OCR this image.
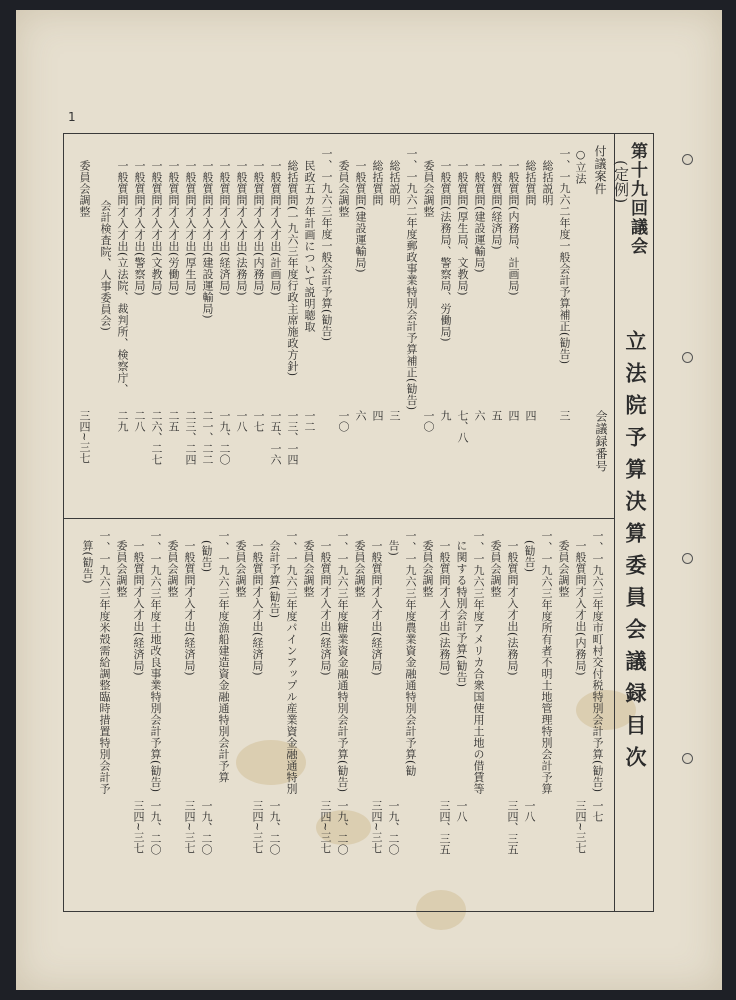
1
第十九回議会
(定例)
立法院予算決算委員会議録目次
会議録番号
付議案件
○立法
一、一九六二年度一般会計予算補正(勧告)
三
総括説明
総括質問
四
一般質問(内務局、計画局)
四
一般質問(経済局)
五
一般質問(建設運輸局)
六
一般質問(厚生局、文教局)
七、八
一般質問(法務局、警察局、労働局)
九
委員会調整
一〇
一、一九六二年度郵政事業特別会計予算補正(勧告)
総括説明
三
総括質問
四
一般質問(建設運輸局)
六
委員会調整
一〇
一、一九六三年度一般会計予算(勧告)
民政五カ年計画について説明聴取
一二
総括質問(一九六三年度行政主席施政方針)
一三、一四
一般質問才入才出(計画局)
一五、一六
一般質問才入才出(内務局)
一七
一般質問才入才出(法務局)
一八
一般質問才入才出(経済局)
一九、二〇
一般質問才入才出(建設運輸局)
二一、二二
一般質問才入才出(厚生局)
二三、二四
一般質問才入才出(労働局)
二五
一般質問才入才出(文教局)
二六、二七
一般質問才入才出(警察局)
二八
一般質問才入才出(立法院、裁判所、検察庁、
二九
会計検査院、人事委員会)
委員会調整
三四~三七
一、一九六三年度市町村交付税特別会計予算(勧告)
一七
一般質問才入才出(内務局)
三四~三七
委員会調整
一、一九六三年度所有者不明土地管理特別会計予算
(勧告)
一八
一般質問才入才出(法務局)
三四、三五
委員会調整
一、一九六三年度アメリカ合衆国使用土地の借賃等
に関する特別会計予算(勧告)
一八
一般質問才入才出(法務局)
三四、三五
委員会調整
一、一九六三年度農業資金融通特別会計予算(勧
告)
一九、二〇
一般質問才入才出(経済局)
三四~三七
委員会調整
一、一九六三年度糖業資金融通特別会計予算(勧告)
一九、二〇
一般質問才入才出(経済局)
三四~三七
委員会調整
一、一九六三年度パインアップル産業資金融通特別
会計予算(勧告)
一九、二〇
一般質問才入才出(経済局)
三四~三七
委員会調整
一、一九六三年度漁船建造資金融通特別会計予算
(勧告)
一九、二〇
一般質問才入才出(経済局)
三四~三七
委員会調整
一、一九六三年度土地改良事業特別会計予算(勧告)
一九、二〇
一般質問才入才出(経済局)
三四~三七
委員会調整
一、一九六三年度米殻需給調整臨時措置特別会計予
算(勧告)
